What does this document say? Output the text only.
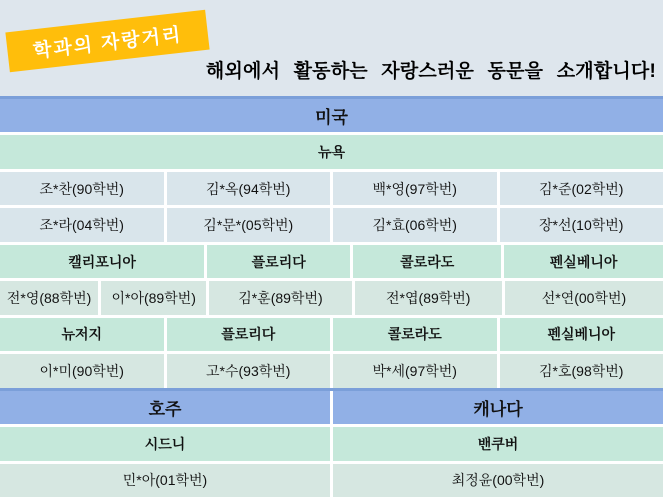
학과의 자랑거리
해외에서 활동하는 자랑스러운 동문을 소개합니다!
미국
뉴욕
조*찬(90학번)	김*옥(94학번)	백*영(97학번)	김*준(02학번)
조*라(04학번)	김*문*(05학번)	김*효(06학번)	장*선(10학번)
캘리포니아	플로리다	콜로라도	펜실베니아
전*영(88학번)	이*아(89학번)	김*훈(89학번)	전*엽(89학번)	선*연(00학번)
뉴저지	플로리다	콜로라도	펜실베니아
이*미(90학번)	고*수(93학번)	박*세(97학번)	김*호(98학번)
호주	캐나다
시드니	밴쿠버
민*아(01학번)	최정윤(00학번)
